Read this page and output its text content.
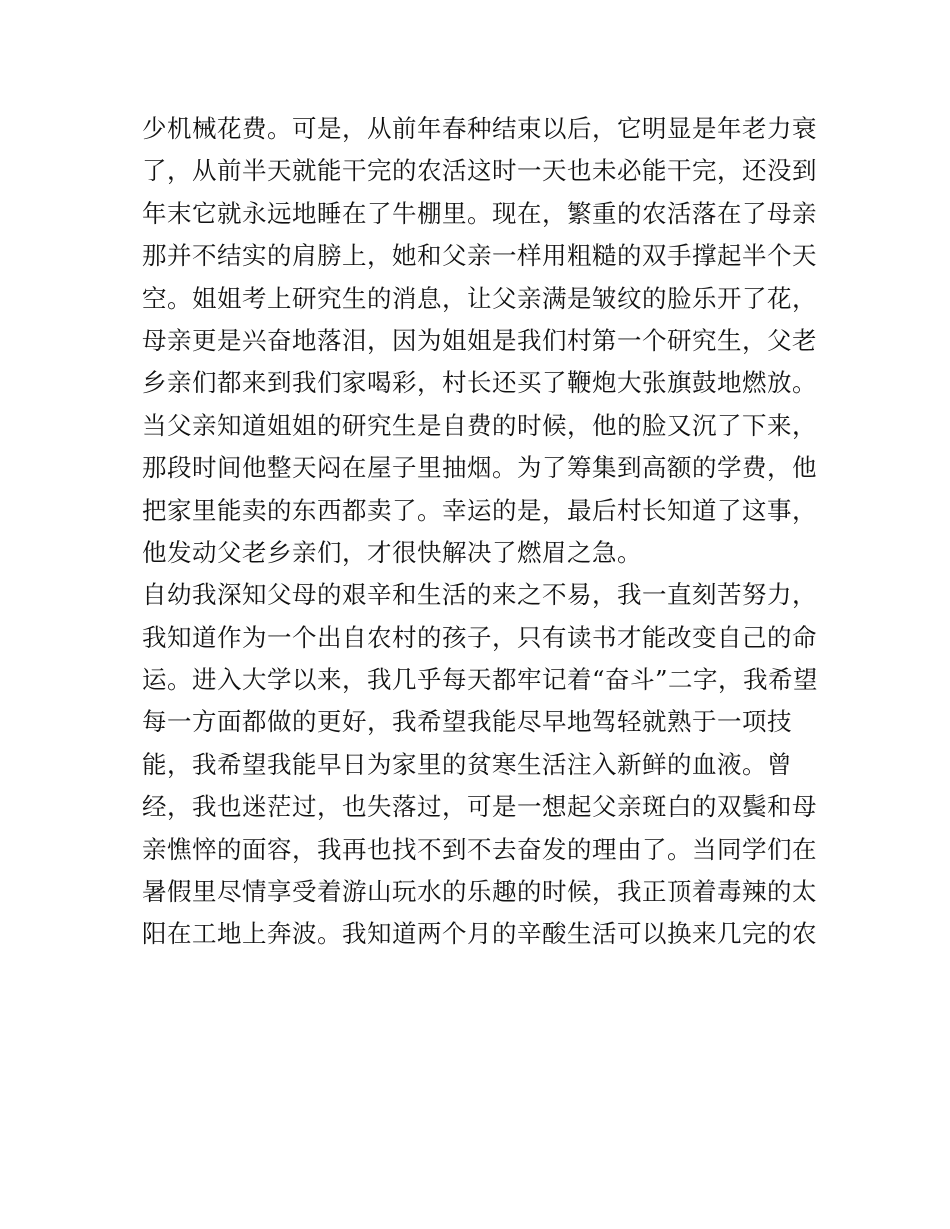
少机械花费。可是，从前年春种结束以后，它明显是年老力衰
了，从前半天就能干完的农活这时一天也未必能干完，还没到
年末它就永远地睡在了牛棚里。现在，繁重的农活落在了母亲
那并不结实的肩膀上，她和父亲一样用粗糙的双手撑起半个天
空。姐姐考上研究生的消息，让父亲满是皱纹的脸乐开了花，
母亲更是兴奋地落泪，因为姐姐是我们村第一个研究生，父老
乡亲们都来到我们家喝彩，村长还买了鞭炮大张旗鼓地燃放。
当父亲知道姐姐的研究生是自费的时候，他的脸又沉了下来，
那段时间他整天闷在屋子里抽烟。为了筹集到高额的学费，他
把家里能卖的东西都卖了。幸运的是，最后村长知道了这事，
他发动父老乡亲们，才很快解决了燃眉之急。
自幼我深知父母的艰辛和生活的来之不易，我一直刻苦努力，
我知道作为一个出自农村的孩子，只有读书才能改变自己的命
运。进入大学以来，我几乎每天都牢记着“奋斗”二字，我希望
每一方面都做的更好，我希望我能尽早地驾轻就熟于一项技
能，我希望我能早日为家里的贫寒生活注入新鲜的血液。曾
经，我也迷茫过，也失落过，可是一想起父亲斑白的双鬓和母
亲憔悴的面容，我再也找不到不去奋发的理由了。当同学们在
暑假里尽情享受着游山玩水的乐趣的时候，我正顶着毒辣的太
阳在工地上奔波。我知道两个月的辛酸生活可以换来几完的农
